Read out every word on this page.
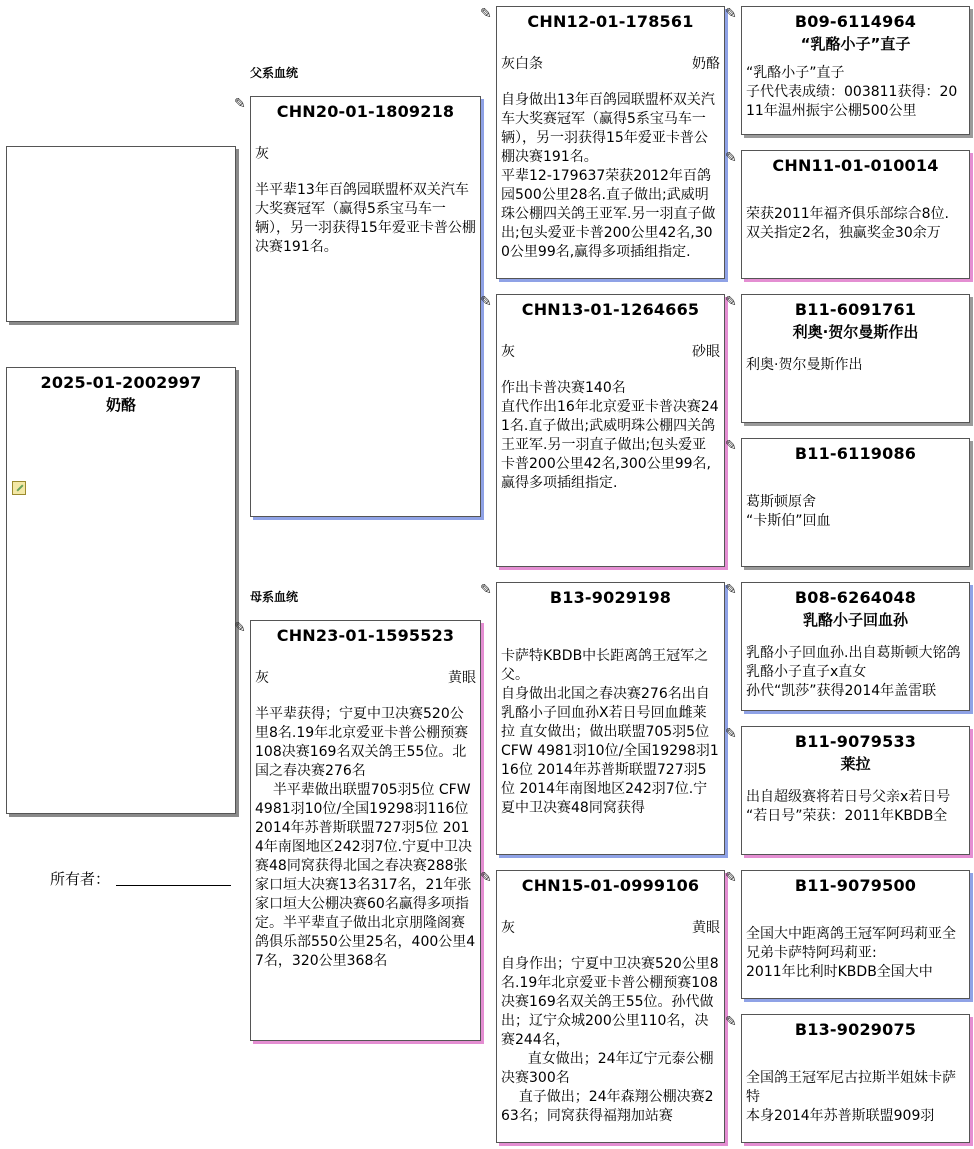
父系血统
母系血统
2025-01-2002997
奶酪
所有者：
✎	CHN20-01-1809218
灰
半平辈13年百鸽园联盟杯双关汽车大奖赛冠军（赢得5系宝马车一辆），另一羽获得15年爱亚卡普公棚决赛191名。
✎	CHN23-01-1595523
灰	黄眼
半平辈获得；宁夏中卫决赛520公里8名.19年北京爱亚卡普公棚预赛108决赛169名双关鸽王55位。北国之春决赛276名
半平辈做出联盟705羽5位 CFW 4981羽10位/全国19298羽116位 2014年苏普斯联盟727羽5位 2014年南图地区242羽7位.宁夏中卫决赛48同窝获得北国之春决赛288张家口垣大决赛13名317名，21年张家口垣大公棚决赛60名赢得多项指定。半平辈直子做出北京朋隆阁赛鸽俱乐部550公里25名，400公里47名，320公里368名
✎	CHN12-01-178561
灰白条	奶酪
自身做出13年百鸽园联盟杯双关汽车大奖赛冠军（赢得5系宝马车一辆），另一羽获得15年爱亚卡普公棚决赛191名。
平辈12-179637荣获2012年百鸽园500公里28名.直子做出;武威明珠公棚四关鸽王亚军.另一羽直子做出;包头爱亚卡普200公里42名,300公里99名,赢得多项插组指定.
✎	CHN13-01-1264665
灰	砂眼
作出卡普决赛140名
直代作出16年北京爱亚卡普决赛241名.直子做出;武威明珠公棚四关鸽王亚军.另一羽直子做出;包头爱亚卡普200公里42名,300公里99名,赢得多项插组指定.
✎	B13-9029198
卡萨特KBDB中长距离鸽王冠军之父。
自身做出北国之春决赛276名出自乳酪小子回血孙X若日号回血雌莱拉 直女做出；做出联盟705羽5位 CFW 4981羽10位/全国19298羽116位 2014年苏普斯联盟727羽5位 2014年南图地区242羽7位.宁夏中卫决赛48同窝获得
✎	CHN15-01-0999106
灰	黄眼
自身作出；宁夏中卫决赛520公里8名.19年北京爱亚卡普公棚预赛108决赛169名双关鸽王55位。孙代做出；辽宁众城200公里110名，决赛244名，
直女做出；24年辽宁元泰公棚决赛300名
直子做出；24年森翔公棚决赛263名；同窝获得福翔加站赛
✎	B09-6114964
“乳酪小子”直子
“乳酪小子”直子
子代代表成绩：003811获得：2011年温州振宇公棚500公里
✎	CHN11-01-010014
荣获2011年福齐俱乐部综合8位.
双关指定2名，独赢奖金30余万
✎	B11-6091761
利奥·贺尔曼斯作出
利奥·贺尔曼斯作出
✎	B11-6119086
葛斯顿原舍
“卡斯伯”回血
✎	B08-6264048
乳酪小子回血孙
乳酪小子回血孙.出自葛斯顿大铭鸽乳酪小子直子x直女
孙代“凯莎”获得2014年盖雷联
✎	B11-9079533
莱拉
出自超级赛将若日号父亲x若日号
“若日号”荣获：2011年KBDB全
✎	B11-9079500
全国大中距离鸽王冠军阿玛莉亚全兄弟卡萨特阿玛莉亚:
2011年比利时KBDB全国大中
✎	B13-9029075
全国鸽王冠军尼古拉斯半姐妹卡萨特
本身2014年苏普斯联盟909羽
